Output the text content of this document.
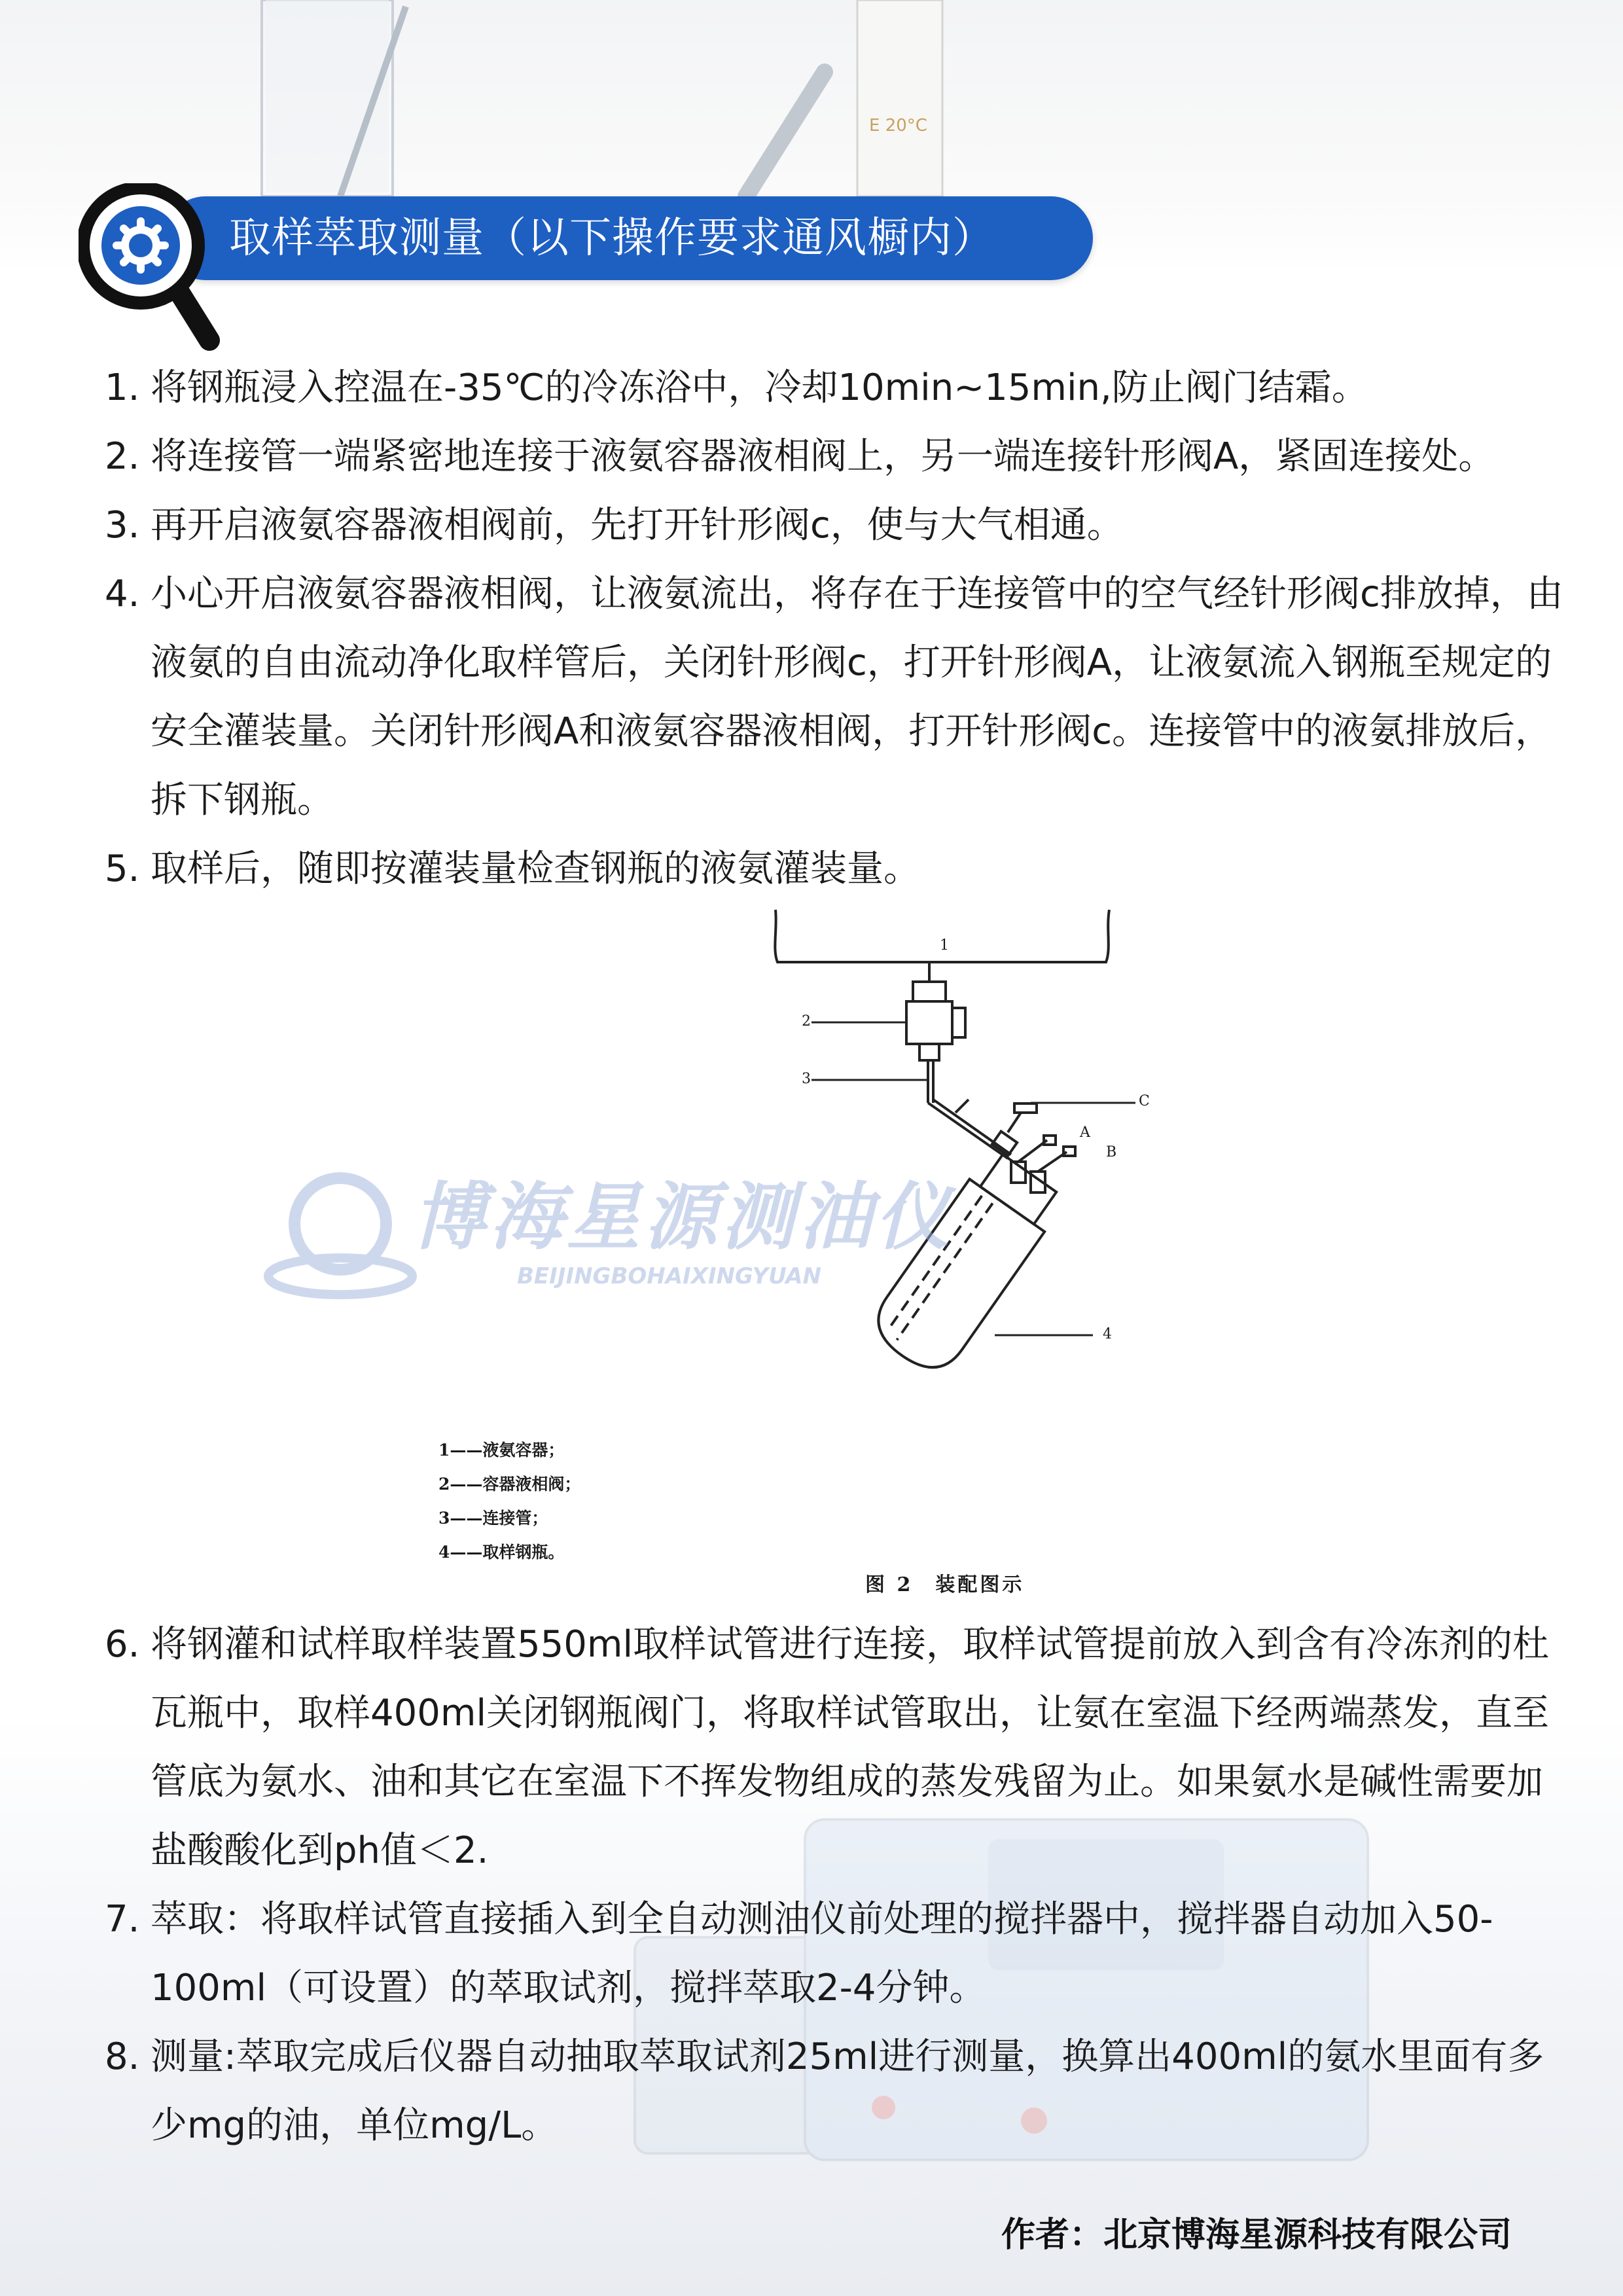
E 20°C
取样萃取测量（以下操作要求通风橱内）
1. 将钢瓶浸入控温在-35℃的冷冻浴中，冷却10min~15min,防止阀门结霜。
2. 将连接管一端紧密地连接于液氨容器液相阀上，另一端连接针形阀A，紧固连接处。
3. 再开启液氨容器液相阀前，先打开针形阀c，使与大气相通。
4. 小心开启液氨容器液相阀，让液氨流出，将存在于连接管中的空气经针形阀c排放掉，由液氨的自由流动净化取样管后，关闭针形阀c，打开针形阀A，让液氨流入钢瓶至规定的安全灌装量。关闭针形阀A和液氨容器液相阀，打开针形阀c。连接管中的液氨排放后，拆下钢瓶。
5. 取样后，随即按灌装量检查钢瓶的液氨灌装量。
1
2
3
C
A
B
4
1——液氨容器；
2——容器液相阀；
3——连接管；
4——取样钢瓶。
图 2　装配图示
博海星源测油仪
BEIJINGBOHAIXINGYUAN
6. 将钢灌和试样取样装置550ml取样试管进行连接，取样试管提前放入到含有冷冻剂的杜瓦瓶中，取样400ml关闭钢瓶阀门，将取样试管取出，让氨在室温下经两端蒸发，直至管底为氨水、油和其它在室温下不挥发物组成的蒸发残留为止。如果氨水是碱性需要加盐酸酸化到ph值＜2.
7. 萃取：将取样试管直接插入到全自动测油仪前处理的搅拌器中，搅拌器自动加入50-100ml（可设置）的萃取试剂，搅拌萃取2-4分钟。
8. 测量:萃取完成后仪器自动抽取萃取试剂25ml进行测量，换算出400ml的氨水里面有多少mg的油，单位mg/L。
作者：北京博海星源科技有限公司
